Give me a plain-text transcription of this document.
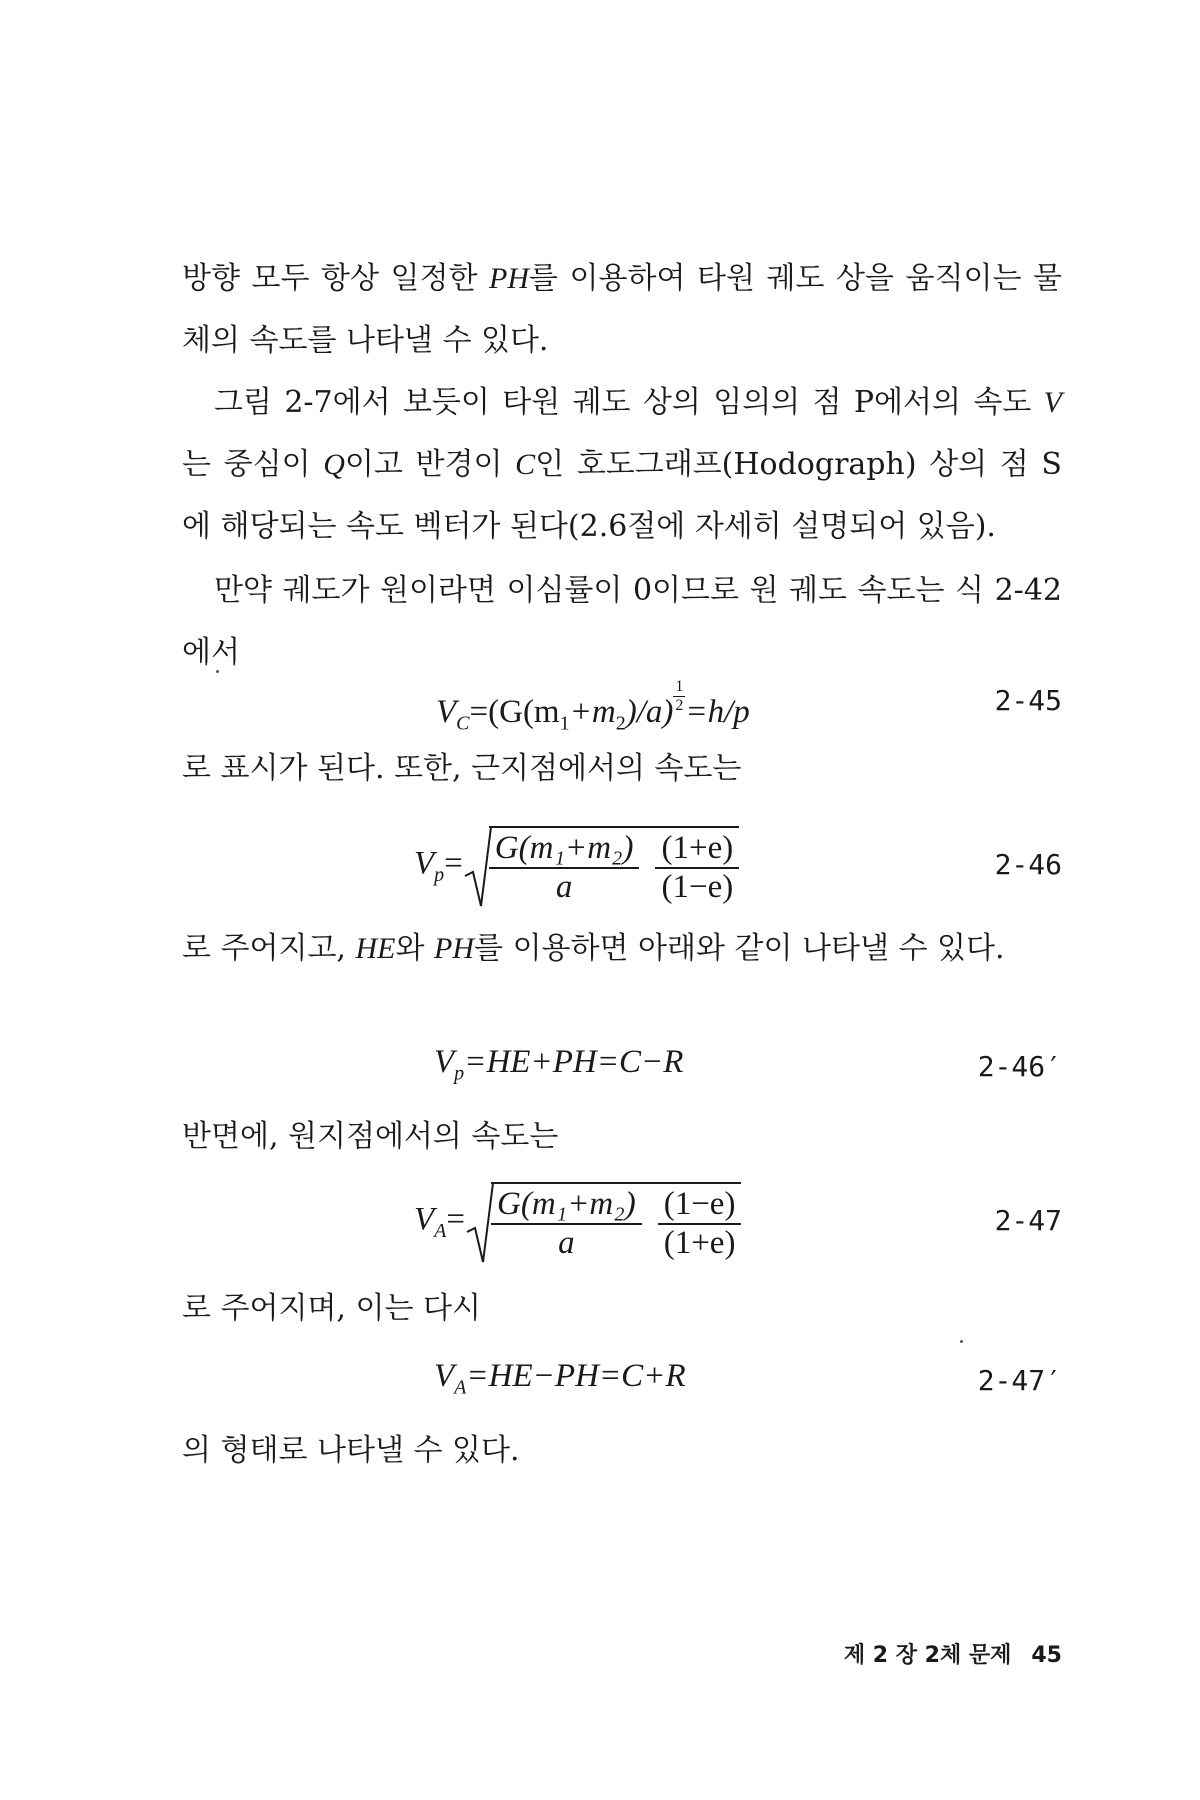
방향 모두 항상 일정한 PH를 이용하여 타원 궤도 상을 움직이는 물체의 속도를 나타낼 수 있다.

그림 2-7에서 보듯이 타원 궤도 상의 임의의 점 P에서의 속도 V는 중심이 Q이고 반경이 C인 호도그래프(Hodograph) 상의 점 S에 해당되는 속도 벡터가 된다(2.6절에 자세히 설명되어 있음).

만약 궤도가 원이라면 이심률이 0이므로 원 궤도 속도는 식 2-42에서

$V_C=(G(m_1+m_2)/a) \frac{1}{2} =h/p$	2-45

로 표시가 된다. 또한, 근지점에서의 속도는

$V_p= \frac{\text{G(m₁+m₂)}}{a} \frac{(1+e)}{(1-e)}$	2-46

로 주어지고, HE와 PH를 이용하면 아래와 같이 나타낼 수 있다.

$V_p=HE+PH=C-R$	2-46′

반면에, 원지점에서의 속도는

$V_A= \frac{\text{G(m₁+m₂)}}{a} \frac{(1-e)}{(1+e)}$	2-47

로 주어지며, 이는 다시

$V_A=HE-PH=C+R$	2-47′

의 형태로 나타낼 수 있다.

제 2 장 2체 문제 45
